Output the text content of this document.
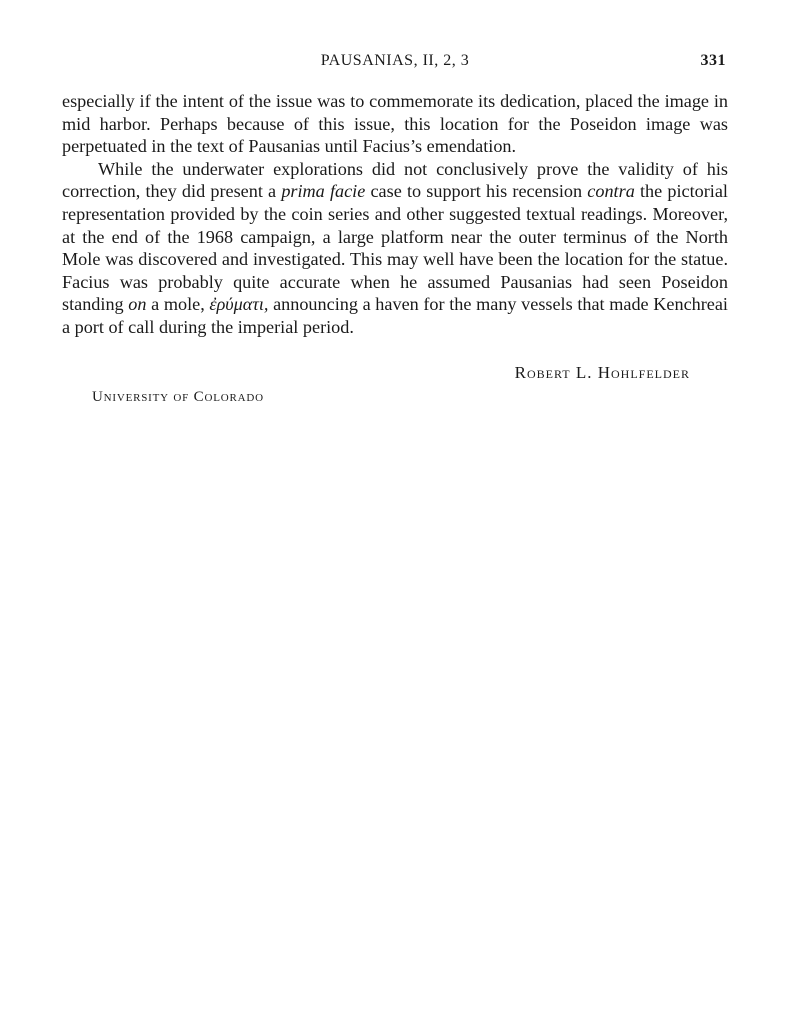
PAUSANIAS, II, 2, 3	331

especially if the intent of the issue was to commemorate its dedication, placed the image in mid harbor. Perhaps because of this issue, this location for the Poseidon image was perpetuated in the text of Pausanias until Facius’s emendation.

While the underwater explorations did not conclusively prove the validity of his correction, they did present a prima facie case to support his recension contra the pictorial representation provided by the coin series and other suggested textual readings. Moreover, at the end of the 1968 campaign, a large platform near the outer terminus of the North Mole was discovered and investigated. This may well have been the location for the statue. Facius was probably quite accurate when he assumed Pausanias had seen Poseidon standing on a mole, ἐρύματι, announcing a haven for the many vessels that made Kenchreai a port of call during the imperial period.

Robert L. Hohlfelder
University of Colorado
